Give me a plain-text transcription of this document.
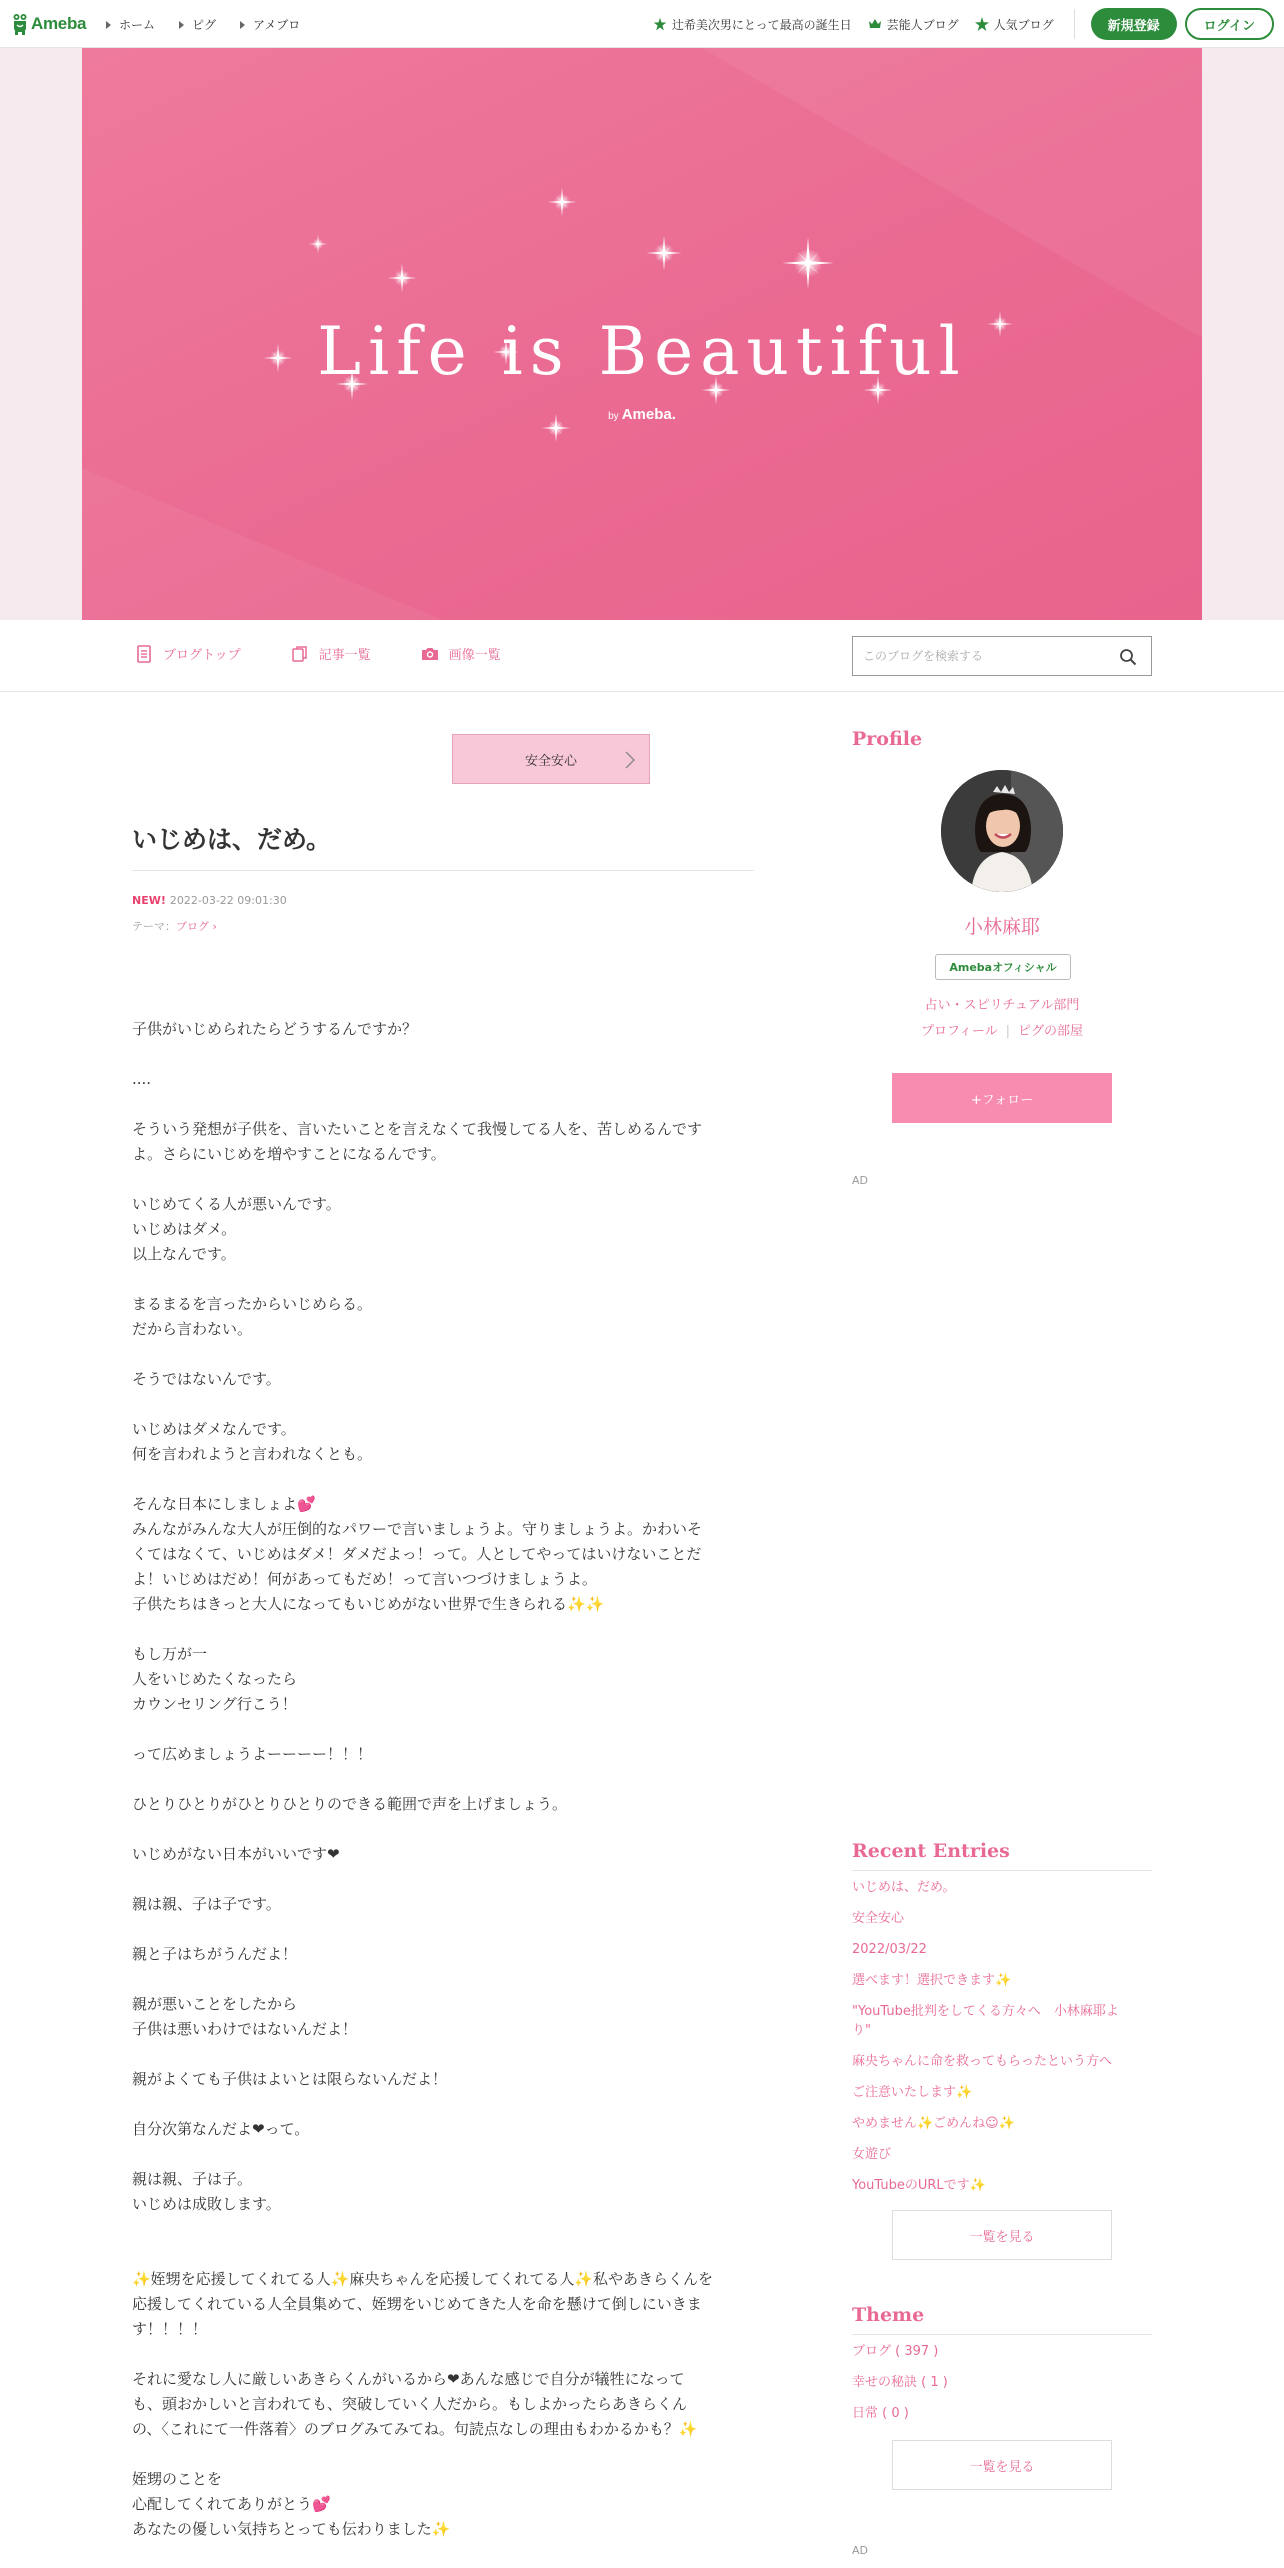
Ameba	ホーム	ピグ	アメブロ	辻希美次男にとって最高の誕生日	芸能人ブログ	人気ブログ	新規登録	ログイン
Life is Beautiful
by Ameba.
ブログトップ	記事一覧	画像一覧
このブログを検索する
安全安心
いじめは、だめ。
NEW! 2022-03-22 09:01:30
テーマ：ブログ ›
子供がいじめられたらどうするんですか？
....
そういう発想が子供を、言いたいことを言えなくて我慢してる人を、苦しめるんです
よ。さらにいじめを増やすことになるんです。
いじめてくる人が悪いんです。
いじめはダメ。
以上なんです。
まるまるを言ったからいじめらる。
だから言わない。
そうではないんです。
いじめはダメなんです。
何を言われようと言われなくとも。
そんな日本にしましょよ💕
みんながみんな大人が圧倒的なパワーで言いましょうよ。守りましょうよ。かわいそ
くてはなくて、いじめはダメ！ダメだよっ！って。人としてやってはいけないことだ
よ！いじめはだめ！何があってもだめ！って言いつづけましょうよ。
子供たちはきっと大人になってもいじめがない世界で生きられる✨✨
もし万が一
人をいじめたくなったら
カウンセリング行こう！
って広めましょうよーーーー！！！
ひとりひとりがひとりひとりのできる範囲で声を上げましょう。
いじめがない日本がいいです❤
親は親、子は子です。
親と子はちがうんだよ！
親が悪いことをしたから
子供は悪いわけではないんだよ！
親がよくても子供はよいとは限らないんだよ！
自分次第なんだよ❤って。
親は親、子は子。
いじめは成敗します。
✨姪甥を応援してくれてる人✨麻央ちゃんを応援してくれてる人✨私やあきらくんを
応援してくれている人全員集めて、姪甥をいじめてきた人を命を懸けて倒しにいきま
す！！！！
それに愛なし人に厳しいあきらくんがいるから❤あんな感じで自分が犠牲になって
も、頭おかしいと言われても、突破していく人だから。もしよかったらあきらくん
の、〈これにて一件落着〉のブログみてみてね。句読点なしの理由もわかるかも？✨
姪甥のことを
心配してくれてありがとう💕
あなたの優しい気持ちとっても伝わりました✨
Profile
小林麻耶
Amebaオフィシャル
占い・スピリチュアル部門
プロフィール | ピグの部屋
+フォロー
AD
Recent Entries
いじめは、だめ。
安全安心
2022/03/22
選べます！選択できます✨
"YouTube批判をしてくる方々へ　小林麻耶よ
り"
麻央ちゃんに命を救ってもらったという方へ
ご注意いたします✨
やめません✨ごめんね☺✨
女遊び
YouTubeのURLです✨
一覧を見る
Theme
ブログ ( 397 )
幸せの秘訣 ( 1 )
日常 ( 0 )
一覧を見る
AD
